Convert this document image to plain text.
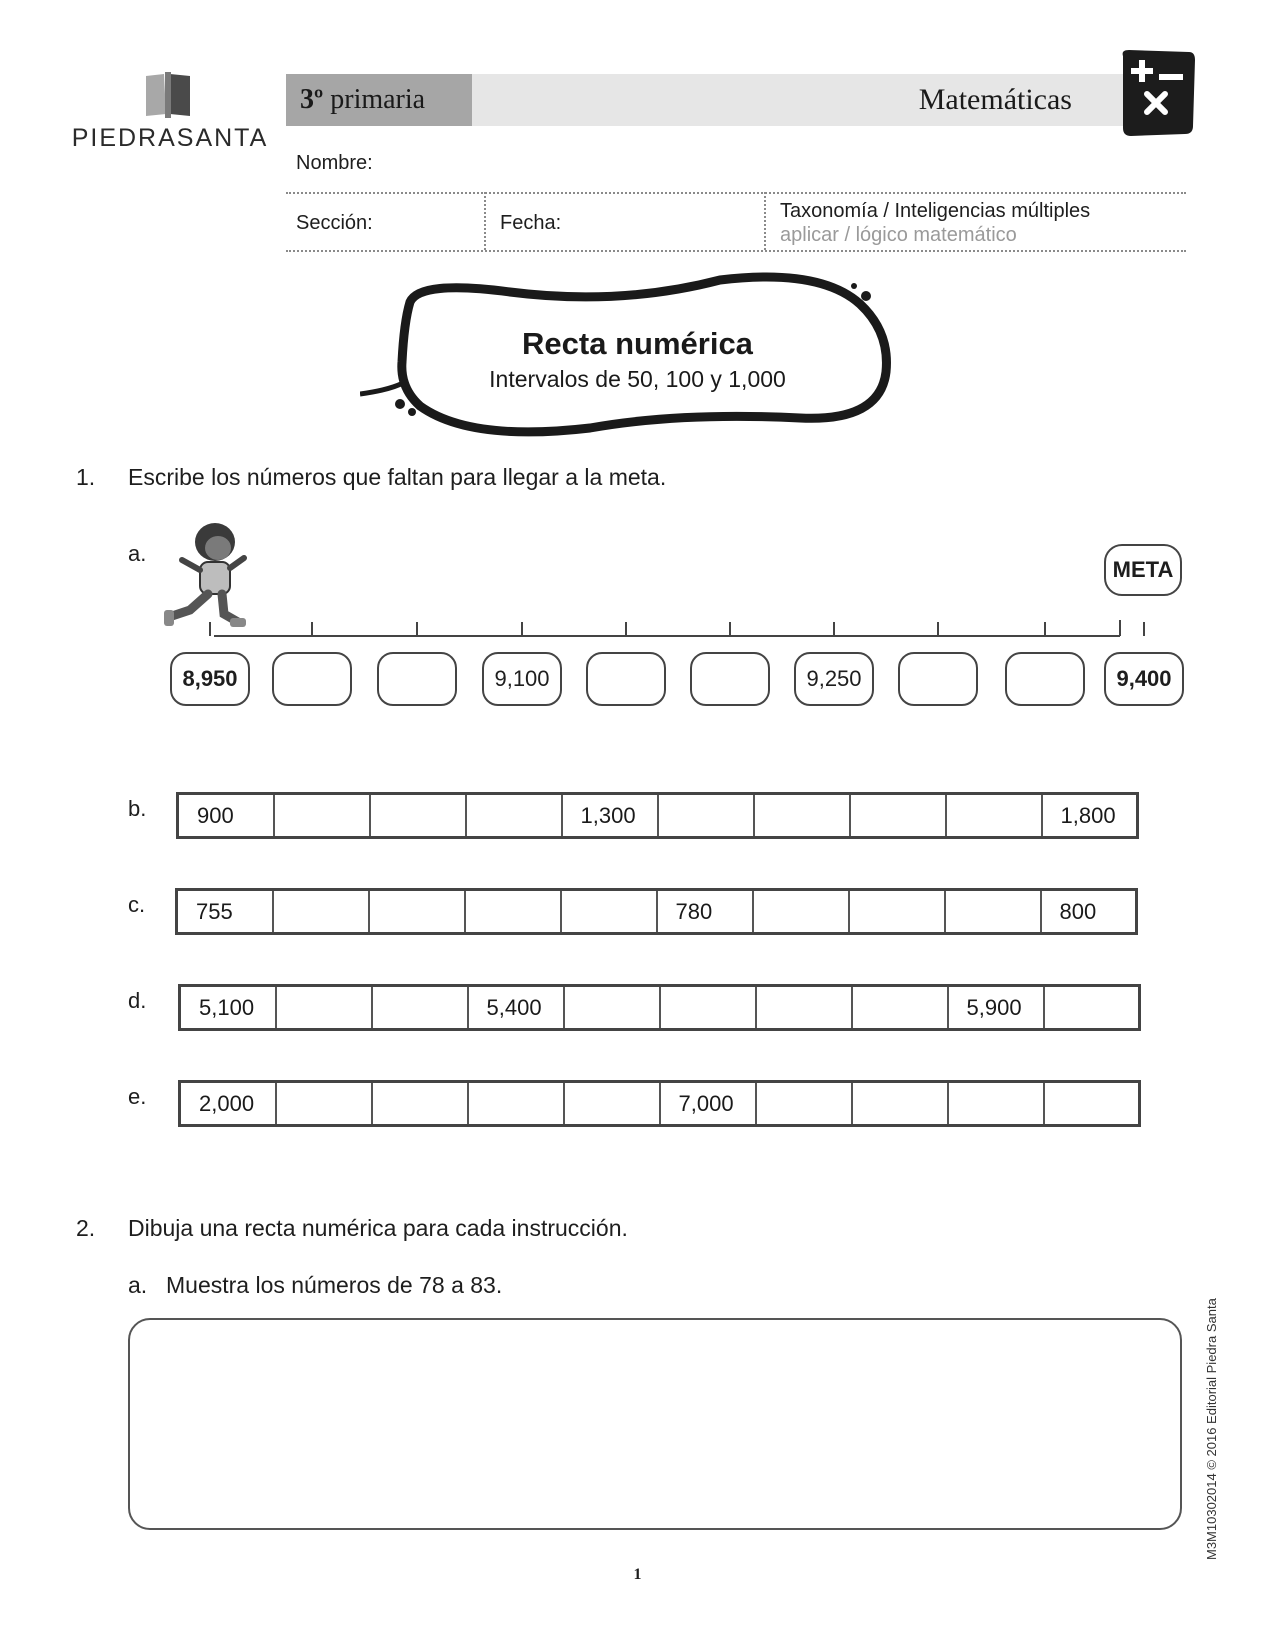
PIEDRASANTA
3º primaria	Matemáticas
Nombre:
Sección:	Fecha:
Taxonomía / Inteligencias múltiples
aplicar / lógico matemático
Recta numérica
Intervalos de 50, 100 y 1,000
1. Escribe los números que faltan para llegar a la meta.
a.
META
8,950	9,100	9,250	9,400
b. 900				1,300					1,800
c. 755					780				800
d. 5,100			5,400					5,900	
e. 2,000					7,000				
2. Dibuja una recta numérica para cada instrucción.
a. Muestra los números de 78 a 83.
M3M10302014 © 2016 Editorial Piedra Santa
1
